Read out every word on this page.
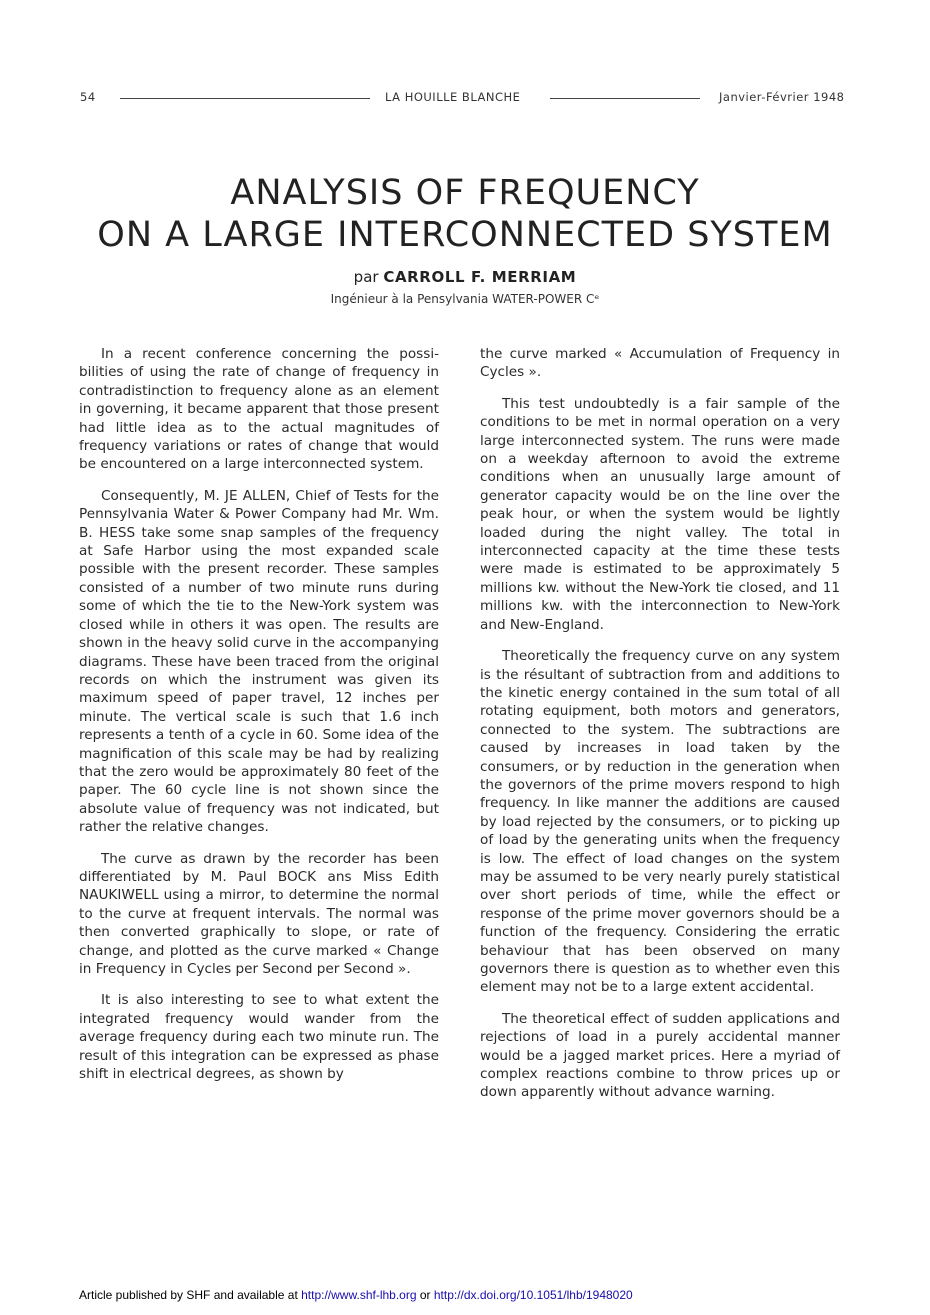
54	LA HOUILLE BLANCHE	Janvier-Février 1948
ANALYSIS OF FREQUENCY
ON A LARGE INTERCONNECTED SYSTEM
par CARROLL F. MERRIAM
Ingénieur à la Pensylvania WATER-POWER Cᵉ

In a recent conference concerning the possibilities of using the rate of change of frequency in contradistinction to frequency alone as an element in governing, it became apparent that those present had little idea as to the actual magnitudes of frequency variations or rates of change that would be encountered on a large interconnected system.

Consequently, M. JE ALLEN, Chief of Tests for the Pennsylvania Water & Power Company had Mr. Wm. B. HESS take some snap samples of the frequency at Safe Harbor using the most expanded scale possible with the present recorder. These samples consisted of a number of two minute runs during some of which the tie to the New-York system was closed while in others it was open. The results are shown in the heavy solid curve in the accompanying diagrams. These have been traced from the original records on which the instrument was given its maximum speed of paper travel, 12 inches per minute. The vertical scale is such that 1.6 inch represents a tenth of a cycle in 60. Some idea of the magnification of this scale may be had by realizing that the zero would be approximately 80 feet of the paper. The 60 cycle line is not shown since the absolute value of frequency was not indicated, but rather the relative changes.

The curve as drawn by the recorder has been differentiated by M. Paul BOCK ans Miss Edith NAUKIWELL using a mirror, to determine the normal to the curve at frequent intervals. The normal was then converted graphically to slope, or rate of change, and plotted as the curve marked « Change in Frequency in Cycles per Second per Second ».

It is also interesting to see to what extent the integrated frequency would wander from the average frequency during each two minute run. The result of this integration can be expressed as phase shift in electrical degrees, as shown by

the curve marked « Accumulation of Frequency in Cycles ».

This test undoubtedly is a fair sample of the conditions to be met in normal operation on a very large interconnected system. The runs were made on a weekday afternoon to avoid the extreme conditions when an unusually large amount of generator capacity would be on the line over the peak hour, or when the system would be lightly loaded during the night valley. The total in interconnected capacity at the time these tests were made is estimated to be approximately 5 millions kw. without the New-York tie closed, and 11 millions kw. with the interconnection to New-York and New-England.

Theoretically the frequency curve on any system is the résultant of subtraction from and additions to the kinetic energy contained in the sum total of all rotating equipment, both motors and generators, connected to the system. The subtractions are caused by increases in load taken by the consumers, or by reduction in the generation when the governors of the prime movers respond to high frequency. In like manner the additions are caused by load rejected by the consumers, or to picking up of load by the generating units when the frequency is low. The effect of load changes on the system may be assumed to be very nearly purely statistical over short periods of time, while the effect or response of the prime mover governors should be a function of the frequency. Considering the erratic behaviour that has been observed on many governors there is question as to whether even this element may not be to a large extent accidental.

The theoretical effect of sudden applications and rejections of load in a purely accidental manner would be a jagged market prices. Here a myriad of complex reactions combine to throw prices up or down apparently without advance warning.

Article published by SHF and available at http://www.shf-lhb.org or http://dx.doi.org/10.1051/lhb/1948020
